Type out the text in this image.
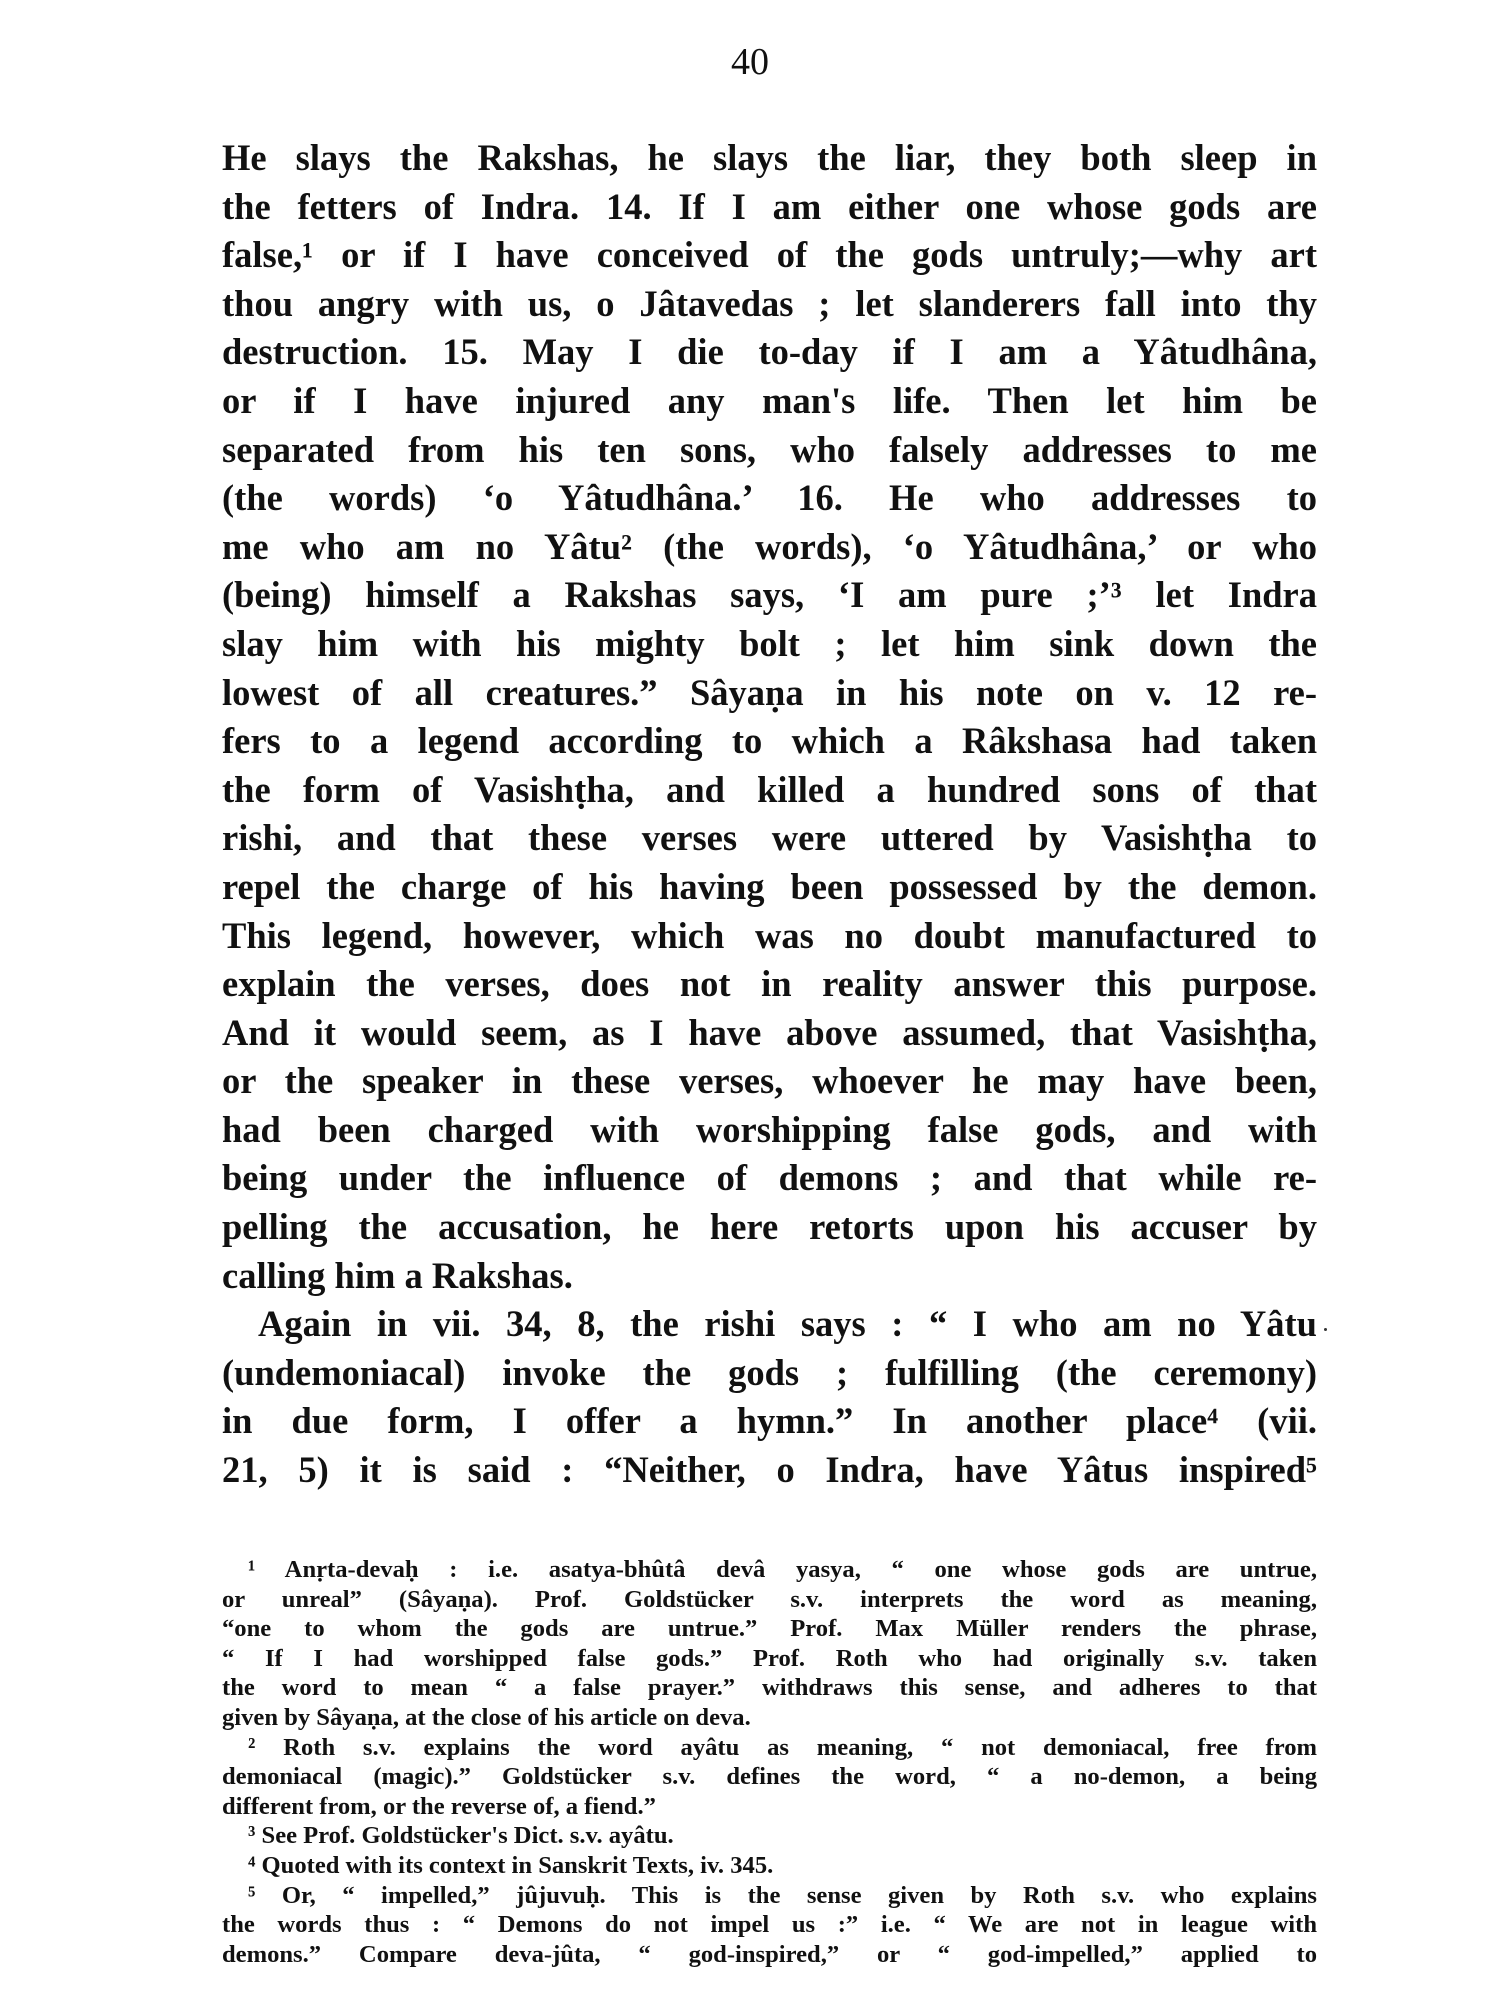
40

He slays the Rakshas, he slays the liar, they both sleep in

the fetters of Indra. 14. If I am either one whose gods are

false,¹ or if I have conceived of the gods untruly;—why art

thou angry with us, o Jâtavedas ; let slanderers fall into thy

destruction. 15. May I die to-day if I am a Yâtudhâna,

or if I have injured any man's life. Then let him be

separated from his ten sons, who falsely addresses to me

(the words) ‘o Yâtudhâna.’ 16. He who addresses to

me who am no Yâtu² (the words), ‘o Yâtudhâna,’ or who

(being) himself a Rakshas says, ‘I am pure ;’³ let Indra

slay him with his mighty bolt ; let him sink down the

lowest of all creatures.” Sâyaṇa in his note on v. 12 re-

fers to a legend according to which a Râkshasa had taken

the form of Vasishṭha, and killed a hundred sons of that

rishi, and that these verses were uttered by Vasishṭha to

repel the charge of his having been possessed by the demon.

This legend, however, which was no doubt manufactured to

explain the verses, does not in reality answer this purpose.

And it would seem, as I have above assumed, that Vasishṭha,

or the speaker in these verses, whoever he may have been,

had been charged with worshipping false gods, and with

being under the influence of demons ; and that while re-

pelling the accusation, he here retorts upon his accuser by

calling him a Rakshas.

Again in vii. 34, 8, the rishi says : “ I who am no Yâtu

(undemoniacal) invoke the gods ; fulfilling (the ceremony)

in due form, I offer a hymn.” In another place⁴ (vii.

21, 5) it is said : “Neither, o Indra, have Yâtus inspired⁵

¹ Anṛta-devaḥ : i.e. asatya-bhûtâ devâ yasya, “ one whose gods are untrue,

or unreal” (Sâyaṇa). Prof. Goldstücker s.v. interprets the word as meaning,

“one to whom the gods are untrue.” Prof. Max Müller renders the phrase,

“ If I had worshipped false gods.” Prof. Roth who had originally s.v. taken

the word to mean “ a false prayer.” withdraws this sense, and adheres to that

given by Sâyaṇa, at the close of his article on deva.

² Roth s.v. explains the word ayâtu as meaning, “ not demoniacal, free from

demoniacal (magic).” Goldstücker s.v. defines the word, “ a no-demon, a being

different from, or the reverse of, a fiend.”

³ See Prof. Goldstücker's Dict. s.v. ayâtu.

⁴ Quoted with its context in Sanskrit Texts, iv. 345.

⁵ Or, “ impelled,” jûjuvuḥ. This is the sense given by Roth s.v. who explains

the words thus : “ Demons do not impel us :” i.e. “ We are not in league with

demons.” Compare deva-jûta, “ god-inspired,” or “ god-impelled,” applied to
